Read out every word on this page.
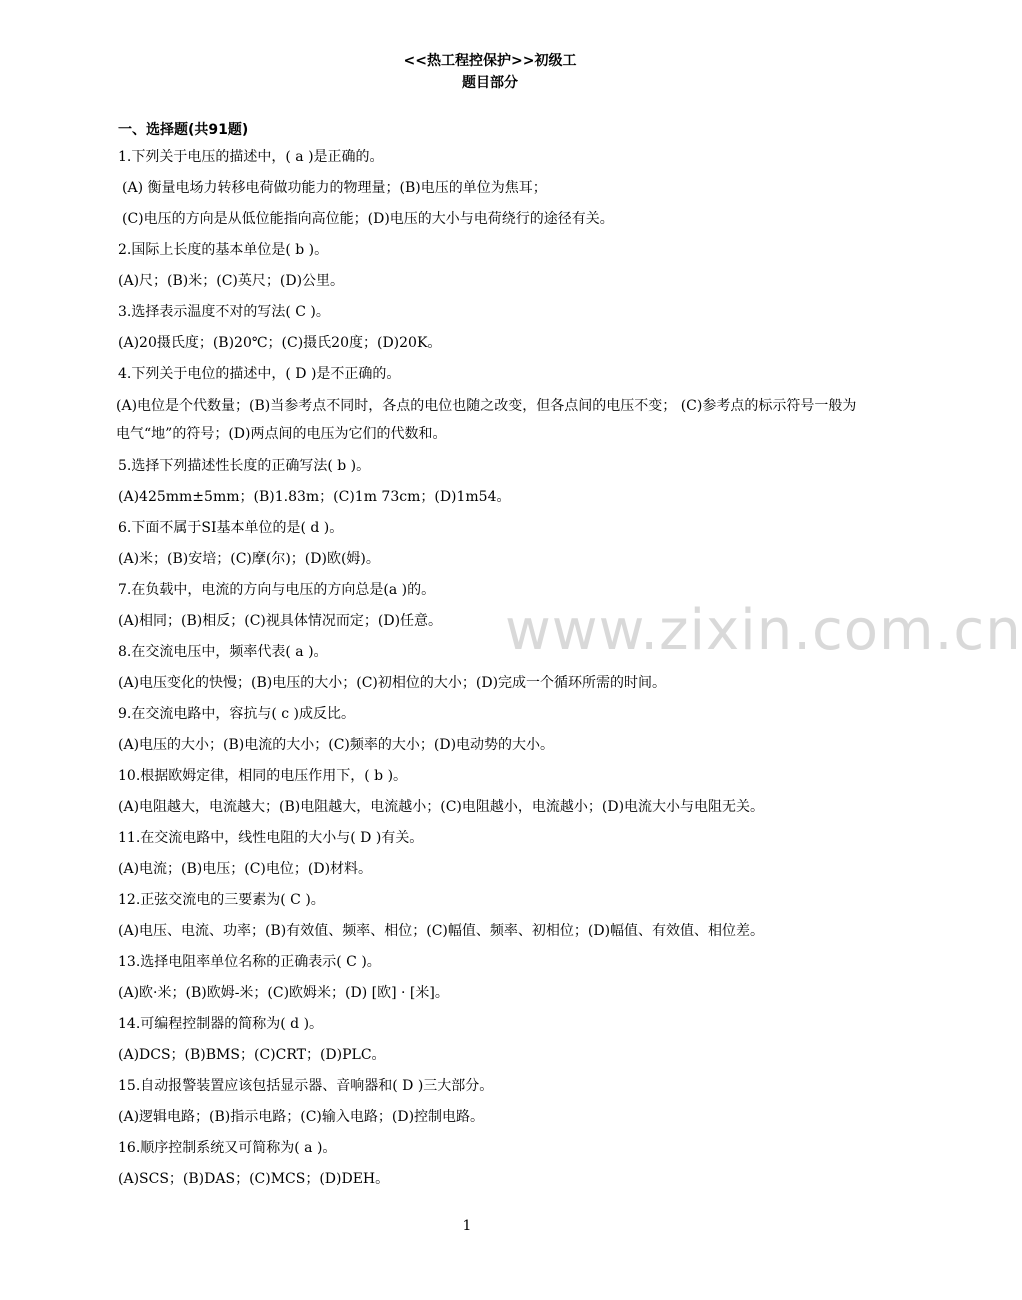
<<热工程控保护>>初级工
题目部分
一、选择题(共91题)
1.下列关于电压的描述中，( a )是正确的。
(A) 衡量电场力转移电荷做功能力的物理量；(B)电压的单位为焦耳；
(C)电压的方向是从低位能指向高位能；(D)电压的大小与电荷绕行的途径有关。
2.国际上长度的基本单位是( b )。
(A)尺；(B)米；(C)英尺；(D)公里。
3.选择表示温度不对的写法( C )。
(A)20摄氏度；(B)20℃；(C)摄氏20度；(D)20K。
4.下列关于电位的描述中，( D )是不正确的。
(A)电位是个代数量；(B)当参考点不同时，各点的电位也随之改变，但各点间的电压不变； (C)参考点的标示符号一般为电气“地”的符号；(D)两点间的电压为它们的代数和。
5.选择下列描述性长度的正确写法( b )。
(A)425mm±5mm；(B)1.83m；(C)1m 73cm；(D)1m54。
6.下面不属于SI基本单位的是( d )。
(A)米；(B)安培；(C)摩(尔)；(D)欧(姆)。
7.在负载中，电流的方向与电压的方向总是(a )的。
(A)相同；(B)相反；(C)视具体情况而定；(D)任意。
8.在交流电压中，频率代表( a )。
(A)电压变化的快慢；(B)电压的大小；(C)初相位的大小；(D)完成一个循环所需的时间。
9.在交流电路中，容抗与( c )成反比。
(A)电压的大小；(B)电流的大小；(C)频率的大小；(D)电动势的大小。
10.根据欧姆定律，相同的电压作用下，( b )。
(A)电阻越大，电流越大；(B)电阻越大，电流越小；(C)电阻越小，电流越小；(D)电流大小与电阻无关。
11.在交流电路中，线性电阻的大小与( D )有关。
(A)电流；(B)电压；(C)电位；(D)材料。
12.正弦交流电的三要素为( C )。
(A)电压、电流、功率；(B)有效值、频率、相位；(C)幅值、频率、初相位；(D)幅值、有效值、相位差。
13.选择电阻率单位名称的正确表示( C )。
(A)欧·米；(B)欧姆-米；(C)欧姆米；(D) [欧] · [米]。
14.可编程控制器的简称为( d )。
(A)DCS；(B)BMS；(C)CRT；(D)PLC。
15.自动报警装置应该包括显示器、音响器和( D )三大部分。
(A)逻辑电路；(B)指示电路；(C)输入电路；(D)控制电路。
16.顺序控制系统又可简称为( a )。
(A)SCS；(B)DAS；(C)MCS；(D)DEH。
www.zixin.com.cn
1
